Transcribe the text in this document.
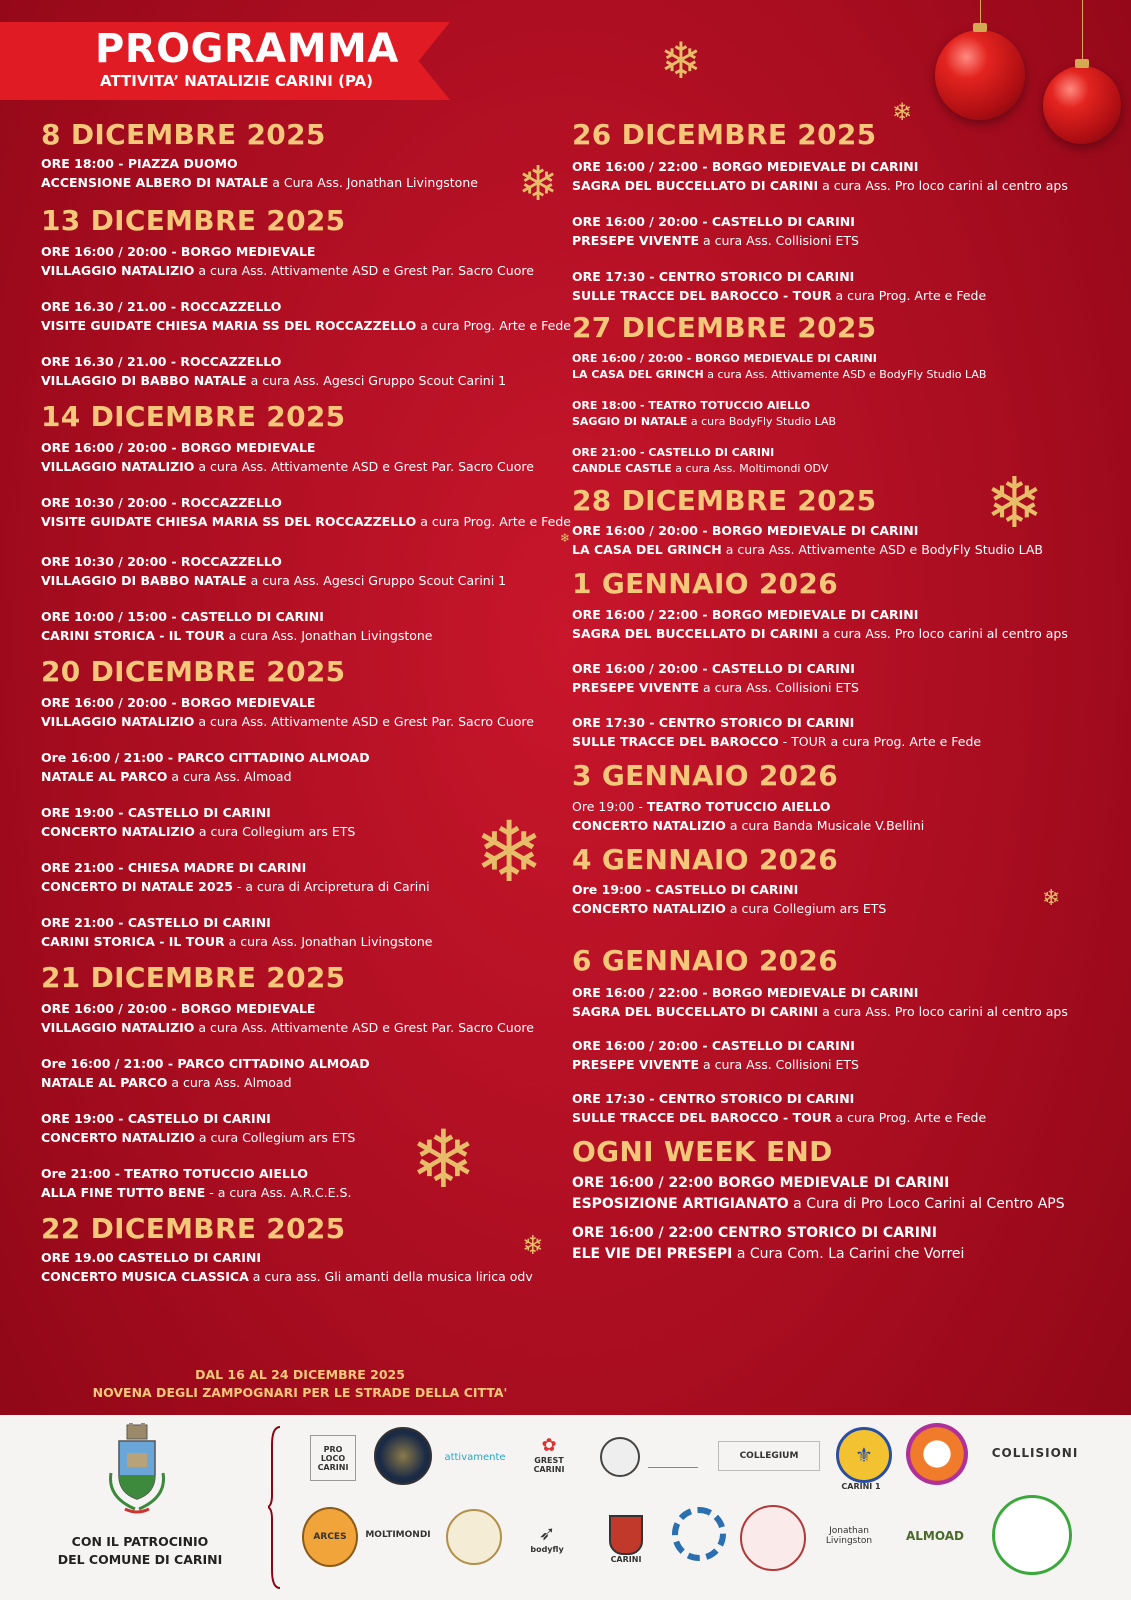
PROGRAMMA
ATTIVITA’ NATALIZIE CARINI (PA)	❄
❄
❄
❄
❄
❄	❄
❄
❄
8 DICEMBRE 2025
ORE 18:00 - PIAZZA DUOMO
ACCENSIONE ALBERO DI NATALE a Cura Ass. Jonathan Livingstone
13 DICEMBRE 2025
ORE 16:00 / 20:00 - BORGO MEDIEVALE
VILLAGGIO NATALIZIO a cura Ass. Attivamente ASD e Grest Par. Sacro Cuore
ORE 16.30 / 21.00 - ROCCAZZELLO
VISITE GUIDATE CHIESA MARIA SS DEL ROCCAZZELLO a cura Prog. Arte e Fede
ORE 16.30 / 21.00 - ROCCAZZELLO
VILLAGGIO DI BABBO NATALE a cura Ass. Agesci Gruppo Scout Carini 1
14 DICEMBRE 2025
ORE 16:00 / 20:00 - BORGO MEDIEVALE
VILLAGGIO NATALIZIO a cura Ass. Attivamente ASD e Grest Par. Sacro Cuore
ORE 10:30 / 20:00 - ROCCAZZELLO
VISITE GUIDATE CHIESA MARIA SS DEL ROCCAZZELLO a cura Prog. Arte e Fede
ORE 10:30 / 20:00 - ROCCAZZELLO
VILLAGGIO DI BABBO NATALE a cura Ass. Agesci Gruppo Scout Carini 1
ORE 10:00 / 15:00 - CASTELLO DI CARINI
CARINI STORICA - IL TOUR a cura Ass. Jonathan Livingstone
20 DICEMBRE 2025
ORE 16:00 / 20:00 - BORGO MEDIEVALE
VILLAGGIO NATALIZIO a cura Ass. Attivamente ASD e Grest Par. Sacro Cuore
Ore 16:00 / 21:00 - PARCO CITTADINO ALMOAD
NATALE AL PARCO a cura Ass. Almoad
ORE 19:00 - CASTELLO DI CARINI
CONCERTO NATALIZIO a cura Collegium ars ETS
ORE 21:00 - CHIESA MADRE DI CARINI
CONCERTO DI NATALE 2025 - a cura di Arcipretura di Carini
ORE 21:00 - CASTELLO DI CARINI
CARINI STORICA - IL TOUR a cura Ass. Jonathan Livingstone
21 DICEMBRE 2025
ORE 16:00 / 20:00 - BORGO MEDIEVALE
VILLAGGIO NATALIZIO a cura Ass. Attivamente ASD e Grest Par. Sacro Cuore
Ore 16:00 / 21:00 - PARCO CITTADINO ALMOAD
NATALE AL PARCO a cura Ass. Almoad
ORE 19:00 - CASTELLO DI CARINI
CONCERTO NATALIZIO a cura Collegium ars ETS
Ore 21:00 - TEATRO TOTUCCIO AIELLO
ALLA FINE TUTTO BENE - a cura Ass. A.R.C.E.S.
22 DICEMBRE 2025
ORE 19.00 CASTELLO DI CARINI
CONCERTO MUSICA CLASSICA a cura ass. Gli amanti della musica lirica odv
26 DICEMBRE 2025
ORE 16:00 / 22:00 - BORGO MEDIEVALE DI CARINI
SAGRA DEL BUCCELLATO DI CARINI a cura Ass. Pro loco carini al centro aps
ORE 16:00 / 20:00 - CASTELLO DI CARINI
PRESEPE VIVENTE a cura Ass. Collisioni ETS
ORE 17:30 - CENTRO STORICO DI CARINI
SULLE TRACCE DEL BAROCCO - TOUR a cura Prog. Arte e Fede
27 DICEMBRE 2025
ORE 16:00 / 20:00 - BORGO MEDIEVALE DI CARINI
LA CASA DEL GRINCH a cura Ass. Attivamente ASD e BodyFly Studio LAB
ORE 18:00 - TEATRO TOTUCCIO AIELLO
SAGGIO DI NATALE a cura BodyFly Studio LAB
ORE 21:00 - CASTELLO DI CARINI
CANDLE CASTLE a cura Ass. Moltimondi ODV
28 DICEMBRE 2025
ORE 16:00 / 20:00 - BORGO MEDIEVALE DI CARINI
LA CASA DEL GRINCH a cura Ass. Attivamente ASD e BodyFly Studio LAB
1 GENNAIO 2026
ORE 16:00 / 22:00 - BORGO MEDIEVALE DI CARINI
SAGRA DEL BUCCELLATO DI CARINI a cura Ass. Pro loco carini al centro aps
ORE 16:00 / 20:00 - CASTELLO DI CARINI
PRESEPE VIVENTE a cura Ass. Collisioni ETS
ORE 17:30 - CENTRO STORICO DI CARINI
SULLE TRACCE DEL BAROCCO - TOUR a cura Prog. Arte e Fede
3 GENNAIO 2026
Ore 19:00 - TEATRO TOTUCCIO AIELLO
CONCERTO NATALIZIO a cura Banda Musicale V.Bellini
4 GENNAIO 2026
Ore 19:00 - CASTELLO DI CARINI
CONCERTO NATALIZIO a cura Collegium ars ETS
6 GENNAIO 2026
ORE 16:00 / 22:00 - BORGO MEDIEVALE DI CARINI
SAGRA DEL BUCCELLATO DI CARINI a cura Ass. Pro loco carini al centro aps
ORE 16:00 / 20:00 - CASTELLO DI CARINI
PRESEPE VIVENTE a cura Ass. Collisioni ETS
ORE 17:30 - CENTRO STORICO DI CARINI
SULLE TRACCE DEL BAROCCO - TOUR a cura Prog. Arte e Fede
OGNI WEEK END
ORE 16:00 / 22:00 BORGO MEDIEVALE DI CARINI
ESPOSIZIONE ARTIGIANATO a Cura di Pro Loco Carini al Centro APS
ORE 16:00 / 22:00 CENTRO STORICO DI CARINI
ELE VIE DEI PRESEPI a Cura Com. La Carini che Vorrei
DAL 16 AL 24 DICEMBRE 2025
NOVENA DEGLI ZAMPOGNARI PER LE STRADE DELLA CITTA'
CON IL PATROCINIO
DEL COMUNE DI CARINI
PRO LOCO CARINI
attivamente
✿
GREST CARINI
COLLEGIUM	⚜
CARINI 1
COLLISIONI
ARCES MOLTIMONDI	➶
bodyfly
CARINI
Jonathan Livingston	ALMOAD
